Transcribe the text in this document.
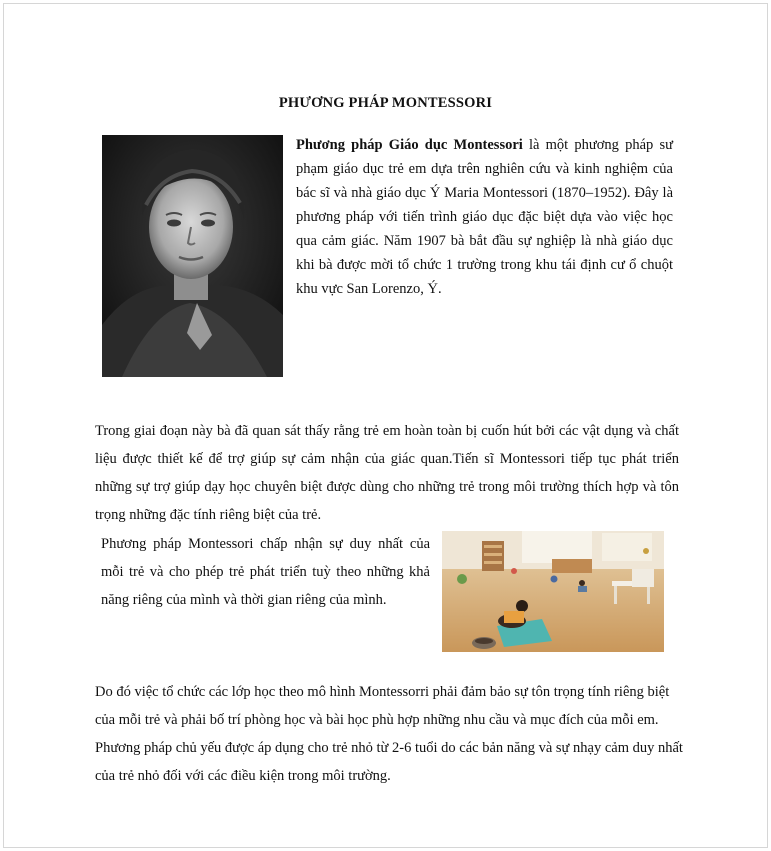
PHƯƠNG PHÁP MONTESSORI
Phương pháp Giáo dục Montessori là một phương pháp sư phạm giáo dục trẻ em dựa trên nghiên cứu và kinh nghiệm của bác sĩ và nhà giáo dục Ý Maria Montessori (1870–1952). Đây là phương pháp với tiến trình giáo dục đặc biệt dựa vào việc học qua cảm giác. Năm 1907 bà bắt đầu sự nghiệp là nhà giáo dục khi bà được mời tổ chức 1 trường trong khu tái định cư ổ chuột khu vực San Lorenzo, Ý.
Trong giai đoạn này bà đã quan sát thấy rằng trẻ em hoàn toàn bị cuốn hút bởi các vật dụng và chất liệu được thiết kế để trợ giúp sự cảm nhận của giác quan.Tiến sĩ Montessori tiếp tục phát triển những sự trợ giúp dạy học chuyên biệt được dùng cho những trẻ trong môi trường thích hợp và tôn trọng những đặc tính riêng biệt của trẻ.
Phương pháp Montessori chấp nhận sự duy nhất của mỗi trẻ và cho phép trẻ phát triển tuỳ theo những khả năng riêng của mình và thời gian riêng của mình.

Do đó việc tổ chức các lớp học theo mô hình Montessorri phải đảm bảo sự tôn trọng tính riêng biệt của mỗi trẻ và phải bố trí phòng học và bài học phù hợp những nhu cầu và mục đích của mỗi em.

Phương pháp chủ yếu được áp dụng cho trẻ nhỏ từ 2-6 tuổi do các bản năng và sự nhạy cảm duy nhất của trẻ nhỏ đối với các điều kiện trong môi trường.
